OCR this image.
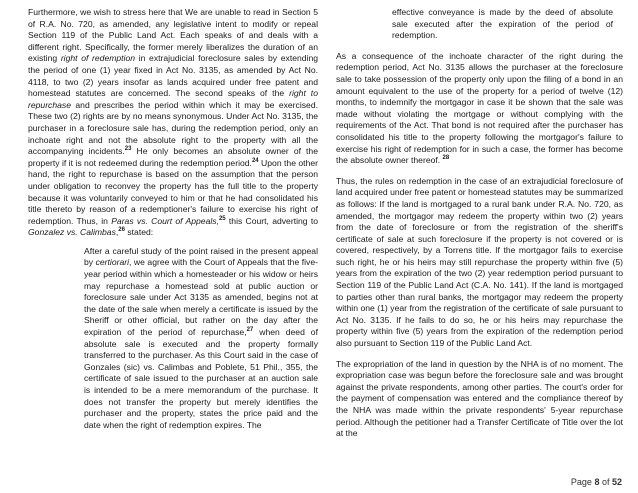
Furthermore, we wish to stress here that We are unable to read in Section 5 of R.A. No. 720, as amended, any legislative intent to modify or repeal Section 119 of the Public Land Act. Each speaks of and deals with a different right. Specifically, the former merely liberalizes the duration of an existing right of redemption in extrajudicial foreclosure sales by extending the period of one (1) year fixed in Act No. 3135, as amended by Act No. 4118, to two (2) years insofar as lands acquired under free patent and homestead statutes are concerned. The second speaks of the right to repurchase and prescribes the period within which it may be exercised. These two (2) rights are by no means synonymous. Under Act No. 3135, the purchaser in a foreclosure sale has, during the redemption period, only an inchoate right and not the absolute right to the property with all the accompanying incidents.$^{23}$ He only becomes an absolute owner of the property if it is not redeemed during the redemption period.$^{24}$ Upon the other hand, the right to repurchase is based on the assumption that the person under obligation to reconvey the property has the full title to the property because it was voluntarily conveyed to him or that he had consolidated his title thereto by reason of a redemptioner's failure to exercise his right of redemption. Thus, in Paras vs. Court of Appeals,$^{25}$ this Court, adverting to Gonzalez vs. Calimbas,$^{26}$ stated:

After a careful study of the point raised in the present appeal by certiorari, we agree with the Court of Appeals that the five-year period within which a homesteader or his widow or heirs may repurchase a homestead sold at public auction or foreclosure sale under Act 3135 as amended, begins not at the date of the sale when merely a certificate is issued by the Sheriff or other official, but rather on the day after the expiration of the period of repurchase,$^{27}$ when deed of absolute sale is executed and the property formally transferred to the purchaser. As this Court said in the case of Gonzales (sic) vs. Calimbas and Poblete, 51 Phil., 355, the certificate of sale issued to the purchaser at an auction sale is intended to be a mere memorandum of the purchase. It does not transfer the property but merely identifies the purchaser and the property, states the price paid and the date when the right of redemption expires. The

effective conveyance is made by the deed of absolute sale executed after the expiration of the period of redemption.

As a consequence of the inchoate character of the right during the redemption period, Act No. 3135 allows the purchaser at the foreclosure sale to take possession of the property only upon the filing of a bond in an amount equivalent to the use of the property for a period of twelve (12) months, to indemnify the mortgagor in case it be shown that the sale was made without violating the mortgage or without complying with the requirements of the Act. That bond is not required after the purchaser has consolidated his title to the property following the mortgagor's failure to exercise his right of redemption for in such a case, the former has become the absolute owner thereof. $^{28}$

Thus, the rules on redemption in the case of an extrajudicial foreclosure of land acquired under free patent or homestead statutes may be summarized as follows: If the land is mortgaged to a rural bank under R.A. No. 720, as amended, the mortgagor may redeem the property within two (2) years from the date of foreclosure or from the registration of the sheriff's certificate of sale at such foreclosure if the property is not covered or is covered, respectively, by a Torrens title. If the mortgagor fails to exercise such right, he or his heirs may still repurchase the property within five (5) years from the expiration of the two (2) year redemption period pursuant to Section 119 of the Public Land Act (C.A. No. 141). If the land is mortgaged to parties other than rural banks, the mortgagor may redeem the property within one (1) year from the registration of the certificate of sale pursuant to Act No. 3135. If he fails to do so, he or his heirs may repurchase the property within five (5) years from the expiration of the redemption period also pursuant to Section 119 of the Public Land Act.

The expropriation of the land in question by the NHA is of no moment. The expropriation case was begun before the foreclosure sale and was brought against the private respondents, among other parties. The court's order for the payment of compensation was entered and the compliance thereof by the NHA was made within the private respondents' 5-year repurchase period. Although the petitioner had a Transfer Certificate of Title over the lot at the

Page 8 of 52
